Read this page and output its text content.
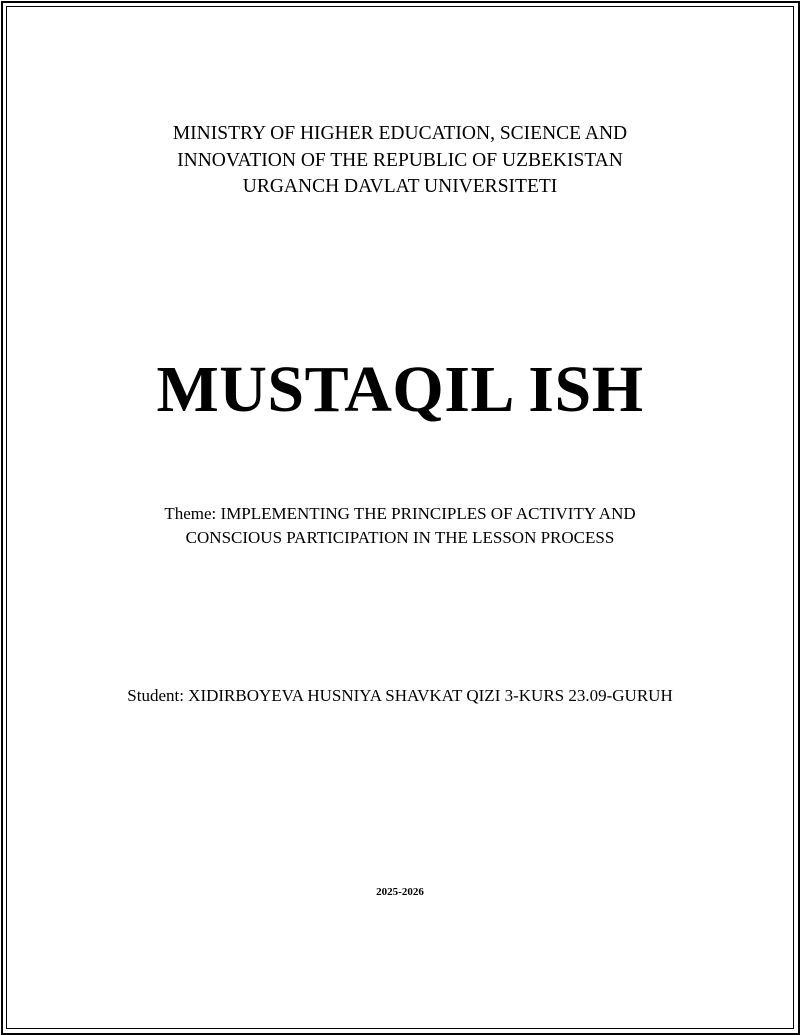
MINISTRY OF HIGHER EDUCATION, SCIENCE AND
INNOVATION OF THE REPUBLIC OF UZBEKISTAN
URGANCH DAVLAT UNIVERSITETI
MUSTAQIL ISH
Theme: IMPLEMENTING THE PRINCIPLES OF ACTIVITY AND CONSCIOUS PARTICIPATION IN THE LESSON PROCESS
Student: XIDIRBOYEVA HUSNIYA SHAVKAT QIZI 3-KURS 23.09-GURUH
2025-2026
